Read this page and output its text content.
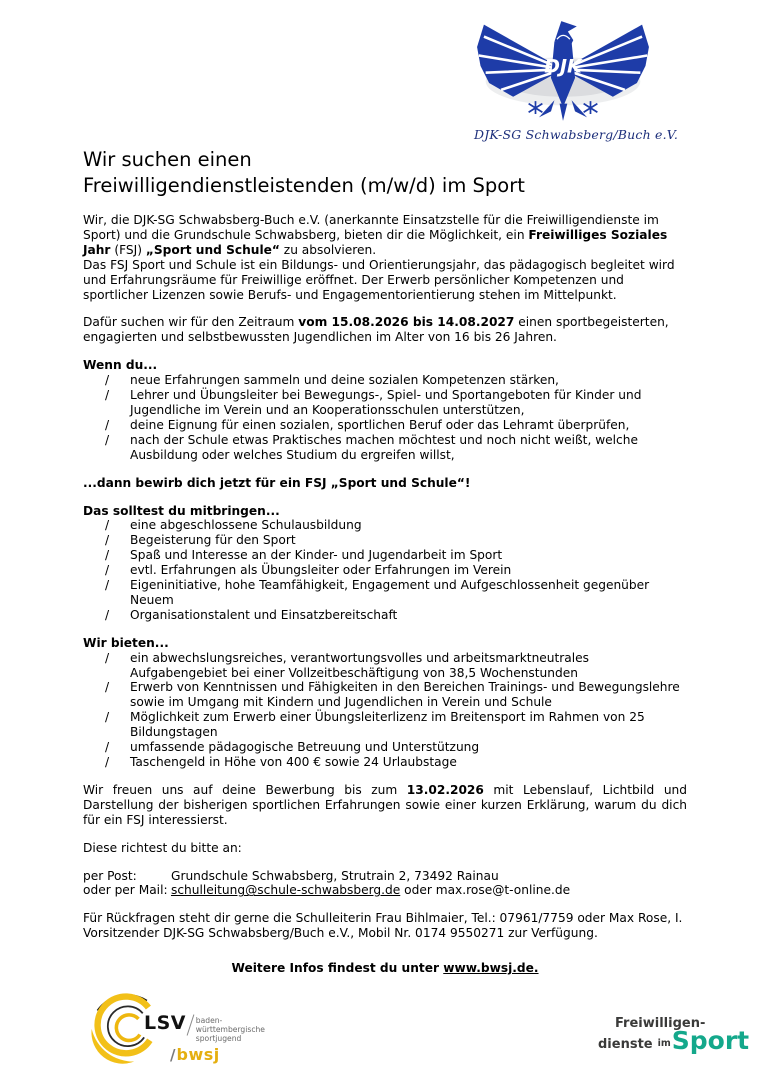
DJK
DJK-SG Schwabsberg/Buch e.V.
Wir suchen einen
Freiwilligendienstleistenden (m/w/d) im Sport

Wir, die DJK-SG Schwabsberg-Buch e.V. (anerkannte Einsatzstelle für die Freiwilligendienste im Sport) und die Grundschule Schwabsberg, bieten dir die Möglichkeit, ein Freiwilliges Soziales Jahr (FSJ) „Sport und Schule“ zu absolvieren.
Das FSJ Sport und Schule ist ein Bildungs- und Orientierungsjahr, das pädagogisch begleitet wird und Erfahrungsräume für Freiwillige eröffnet. Der Erwerb persönlicher Kompetenzen und sportlicher Lizenzen sowie Berufs- und Engagementorientierung stehen im Mittelpunkt.

Dafür suchen wir für den Zeitraum vom 15.08.2026 bis 14.08.2027 einen sportbegeisterten, engagierten und selbstbewussten Jugendlichen im Alter von 16 bis 26 Jahren.

Wenn du...
/	neue Erfahrungen sammeln und deine sozialen Kompetenzen stärken,
/	Lehrer und Übungsleiter bei Bewegungs-, Spiel- und Sportangeboten für Kinder und Jugendliche im Verein und an Kooperationsschulen unterstützen,
/	deine Eignung für einen sozialen, sportlichen Beruf oder das Lehramt überprüfen,
/	nach der Schule etwas Praktisches machen möchtest und noch nicht weißt, welche Ausbildung oder welches Studium du ergreifen willst,
...dann bewirb dich jetzt für ein FSJ „Sport und Schule“!
Das solltest du mitbringen...
/	eine abgeschlossene Schulausbildung
/	Begeisterung für den Sport
/	Spaß und Interesse an der Kinder- und Jugendarbeit im Sport
/	evtl. Erfahrungen als Übungsleiter oder Erfahrungen im Verein
/	Eigeninitiative, hohe Teamfähigkeit, Engagement und Aufgeschlossenheit gegenüber Neuem
/	Organisationstalent und Einsatzbereitschaft
Wir bieten...
/	ein abwechslungsreiches, verantwortungsvolles und arbeitsmarktneutrales Aufgabengebiet bei einer Vollzeitbeschäftigung von 38,5 Wochenstunden
/	Erwerb von Kenntnissen und Fähigkeiten in den Bereichen Trainings- und Bewegungslehre sowie im Umgang mit Kindern und Jugendlichen in Verein und Schule
/	Möglichkeit zum Erwerb einer Übungsleiterlizenz im Breitensport im Rahmen von 25 Bildungstagen
/	umfassende pädagogische Betreuung und Unterstützung
/	Taschengeld in Höhe von 400 € sowie 24 Urlaubstage

Wir freuen uns auf deine Bewerbung bis zum 13.02.2026 mit Lebenslauf, Lichtbild und Darstellung der bisherigen sportlichen Erfahrungen sowie einer kurzen Erklärung, warum du dich für ein FSJ interessierst.

Diese richtest du bitte an:

per Post:	Grundschule Schwabsberg, Strutrain 2, 73492 Rainau
oder per Mail: schulleitung@schule-schwabsberg.de oder max.rose@t-online.de

Für Rückfragen steht dir gerne die Schulleiterin Frau Bihlmaier, Tel.: 07961/7759 oder Max Rose, I. Vorsitzender DJK-SG Schwabsberg/Buch e.V., Mobil Nr. 0174 9550271 zur Verfügung.

Weitere Infos findest du unter www.bwsj.de.
LSV baden-württembergische
sportjugend
/ bwsj
Freiwilligen-
dienste im Sport
